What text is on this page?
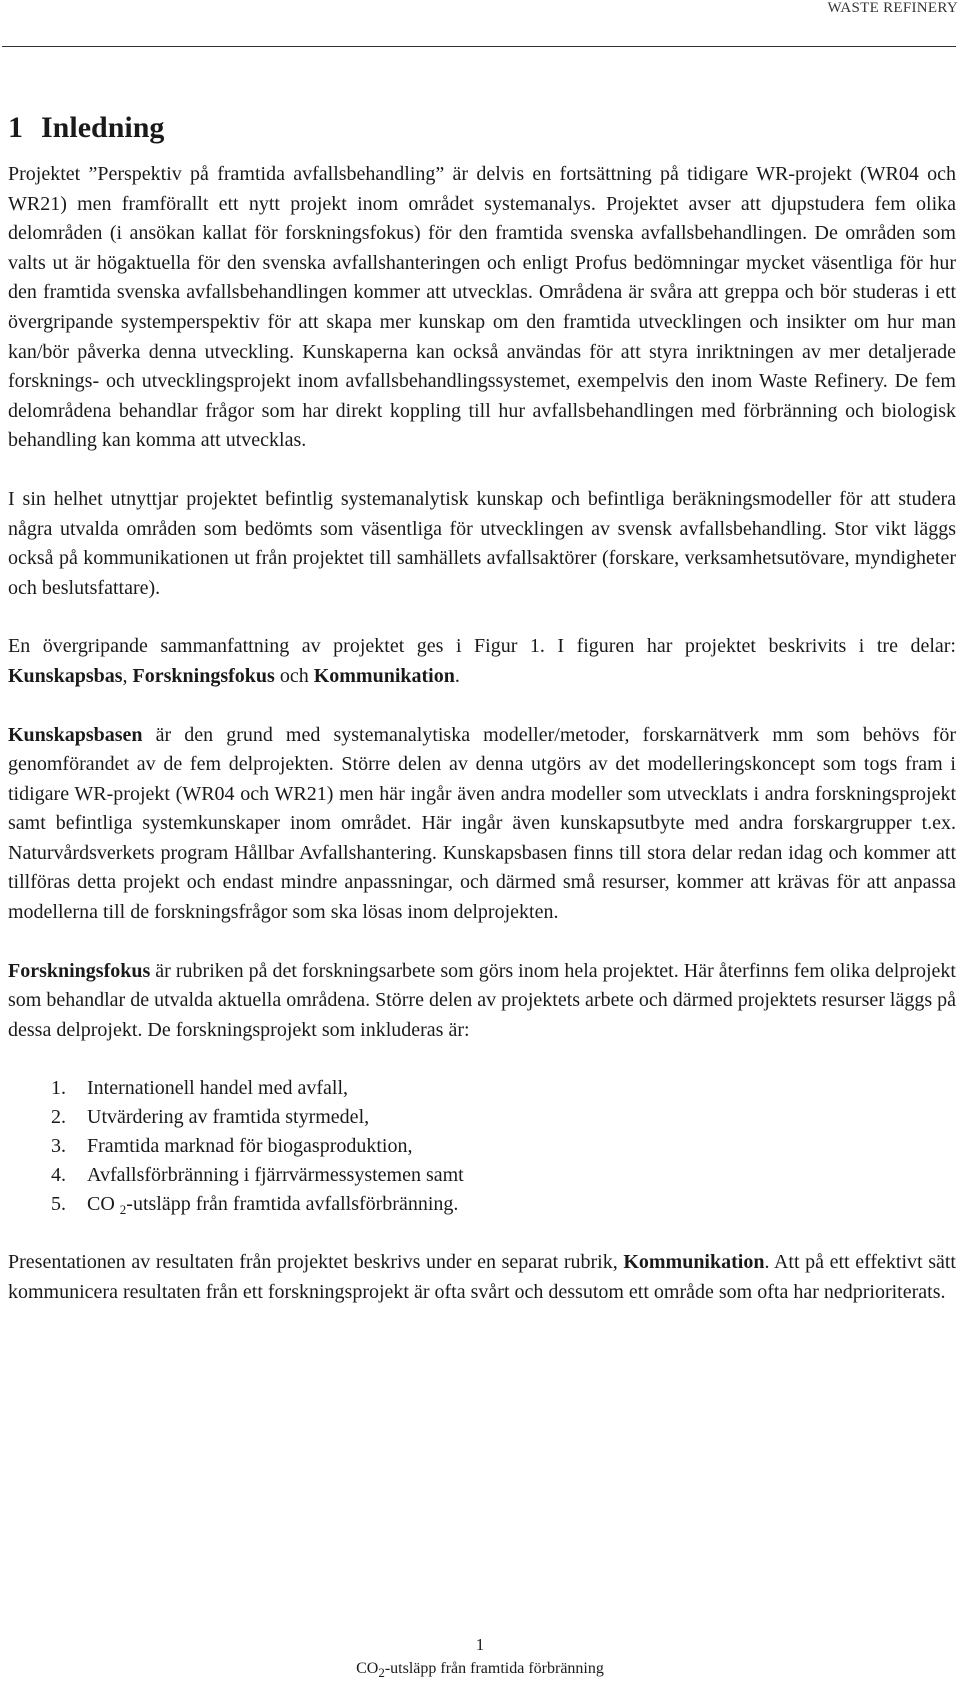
WASTE REFINERY
1 Inledning

Projektet ”Perspektiv på framtida avfallsbehandling” är delvis en fortsättning på tidigare WR-projekt (WR04 och WR21) men framförallt ett nytt projekt inom området systemanalys. Projektet avser att djupstudera fem olika delområden (i ansökan kallat för forskningsfokus) för den framtida svenska avfallsbehandlingen. De områden som valts ut är högaktuella för den svenska avfallshanteringen och enligt Profus bedömningar mycket väsentliga för hur den framtida svenska avfallsbehandlingen kommer att utvecklas. Områdena är svåra att greppa och bör studeras i ett övergripande systemperspektiv för att skapa mer kunskap om den framtida utvecklingen och insikter om hur man kan/bör påverka denna utveckling. Kunskaperna kan också användas för att styra inriktningen av mer detaljerade forsknings- och utvecklingsprojekt inom avfallsbehandlingssystemet, exempelvis den inom Waste Refinery. De fem delområdena behandlar frågor som har direkt koppling till hur avfallsbehandlingen med förbränning och biologisk behandling kan komma att utvecklas.

I sin helhet utnyttjar projektet befintlig systemanalytisk kunskap och befintliga beräkningsmodeller för att studera några utvalda områden som bedömts som väsentliga för utvecklingen av svensk avfallsbehandling. Stor vikt läggs också på kommunikationen ut från projektet till samhällets avfallsaktörer (forskare, verksamhetsutövare, myndigheter och beslutsfattare).

En övergripande sammanfattning av projektet ges i Figur 1. I figuren har projektet beskrivits i tre delar: Kunskapsbas, Forskningsfokus och Kommunikation.

Kunskapsbasen är den grund med systemanalytiska modeller/metoder, forskarnätverk mm som behövs för genomförandet av de fem delprojekten. Större delen av denna utgörs av det modelleringskoncept som togs fram i tidigare WR-projekt (WR04 och WR21) men här ingår även andra modeller som utvecklats i andra forskningsprojekt samt befintliga systemkunskaper inom området. Här ingår även kunskapsutbyte med andra forskargrupper t.ex. Naturvårdsverkets program Hållbar Avfallshantering. Kunskapsbasen finns till stora delar redan idag och kommer att tillföras detta projekt och endast mindre anpassningar, och därmed små resurser, kommer att krävas för att anpassa modellerna till de forskningsfrågor som ska lösas inom delprojekten.

Forskningsfokus är rubriken på det forskningsarbete som görs inom hela projektet. Här återfinns fem olika delprojekt som behandlar de utvalda aktuella områdena. Större delen av projektets arbete och därmed projektets resurser läggs på dessa delprojekt. De forskningsprojekt som inkluderas är:

1. Internationell handel med avfall,
2. Utvärdering av framtida styrmedel,
3. Framtida marknad för biogasproduktion,
4. Avfallsförbränning i fjärrvärmessystemen samt
5. CO $_2$-utsläpp från framtida avfallsförbränning.

Presentationen av resultaten från projektet beskrivs under en separat rubrik, Kommunikation. Att på ett effektivt sätt kommunicera resultaten från ett forskningsprojekt är ofta svårt och dessutom ett område som ofta har nedprioriterats.

1
$CO_2$-utsläpp från framtida förbränning
